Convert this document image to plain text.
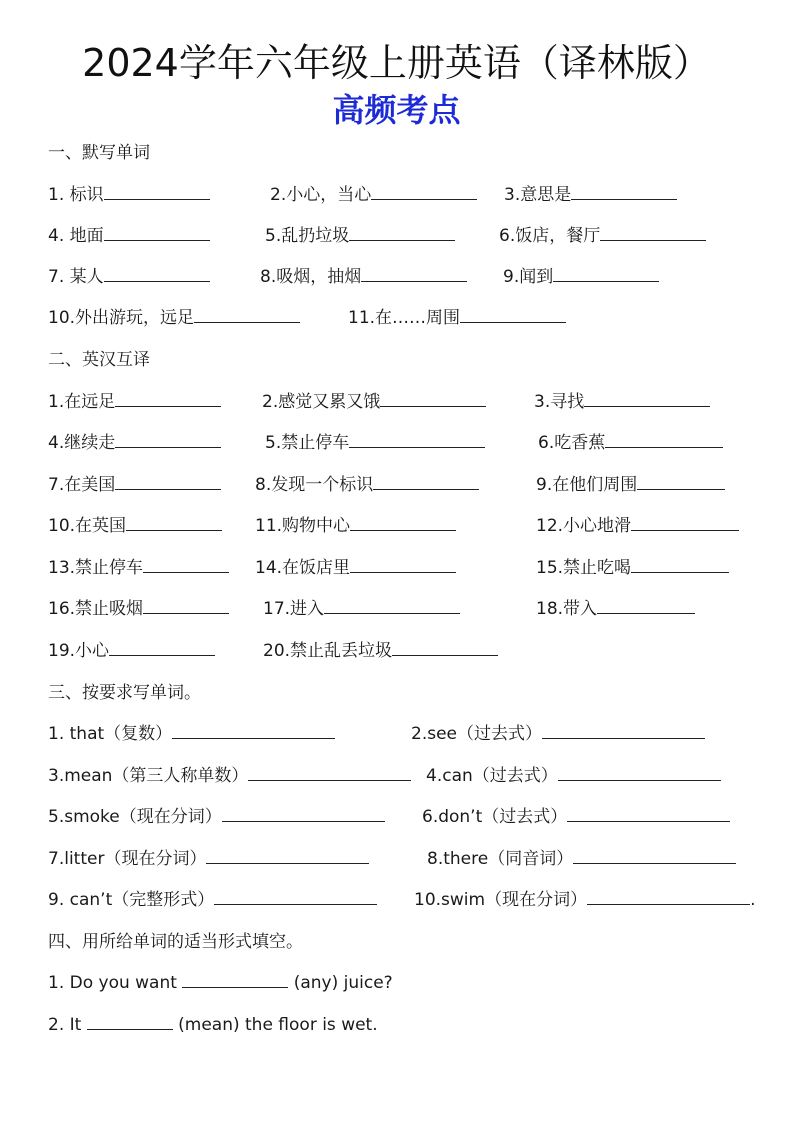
2024学年六年级上册英语（译林版）
高频考点
一、默写单词
1. 标识	2.小心，当心	3.意思是
4. 地面	5.乱扔垃圾	6.饭店，餐厅
7. 某人	8.吸烟，抽烟	9.闻到
10.外出游玩，远足	11.在……周围
二、英汉互译
1.在远足	2.感觉又累又饿	3.寻找
4.继续走	5.禁止停车	6.吃香蕉
7.在美国	8.发现一个标识	9.在他们周围
10.在英国	11.购物中心	12.小心地滑
13.禁止停车	14.在饭店里	15.禁止吃喝
16.禁止吸烟	17.进入	18.带入
19.小心	20.禁止乱丢垃圾
三、按要求写单词。
1. that（复数）	2.see（过去式）
3.mean（第三人称单数）	4.can（过去式）
5.smoke（现在分词）	6.don’t（过去式）
7.litter（现在分词）	8.there（同音词）
9. can’t（完整形式）	10.swim（现在分词）	.
四、用所给单词的适当形式填空。
1. Do you want	(any) juice?
2. It	(mean) the floor is wet.
